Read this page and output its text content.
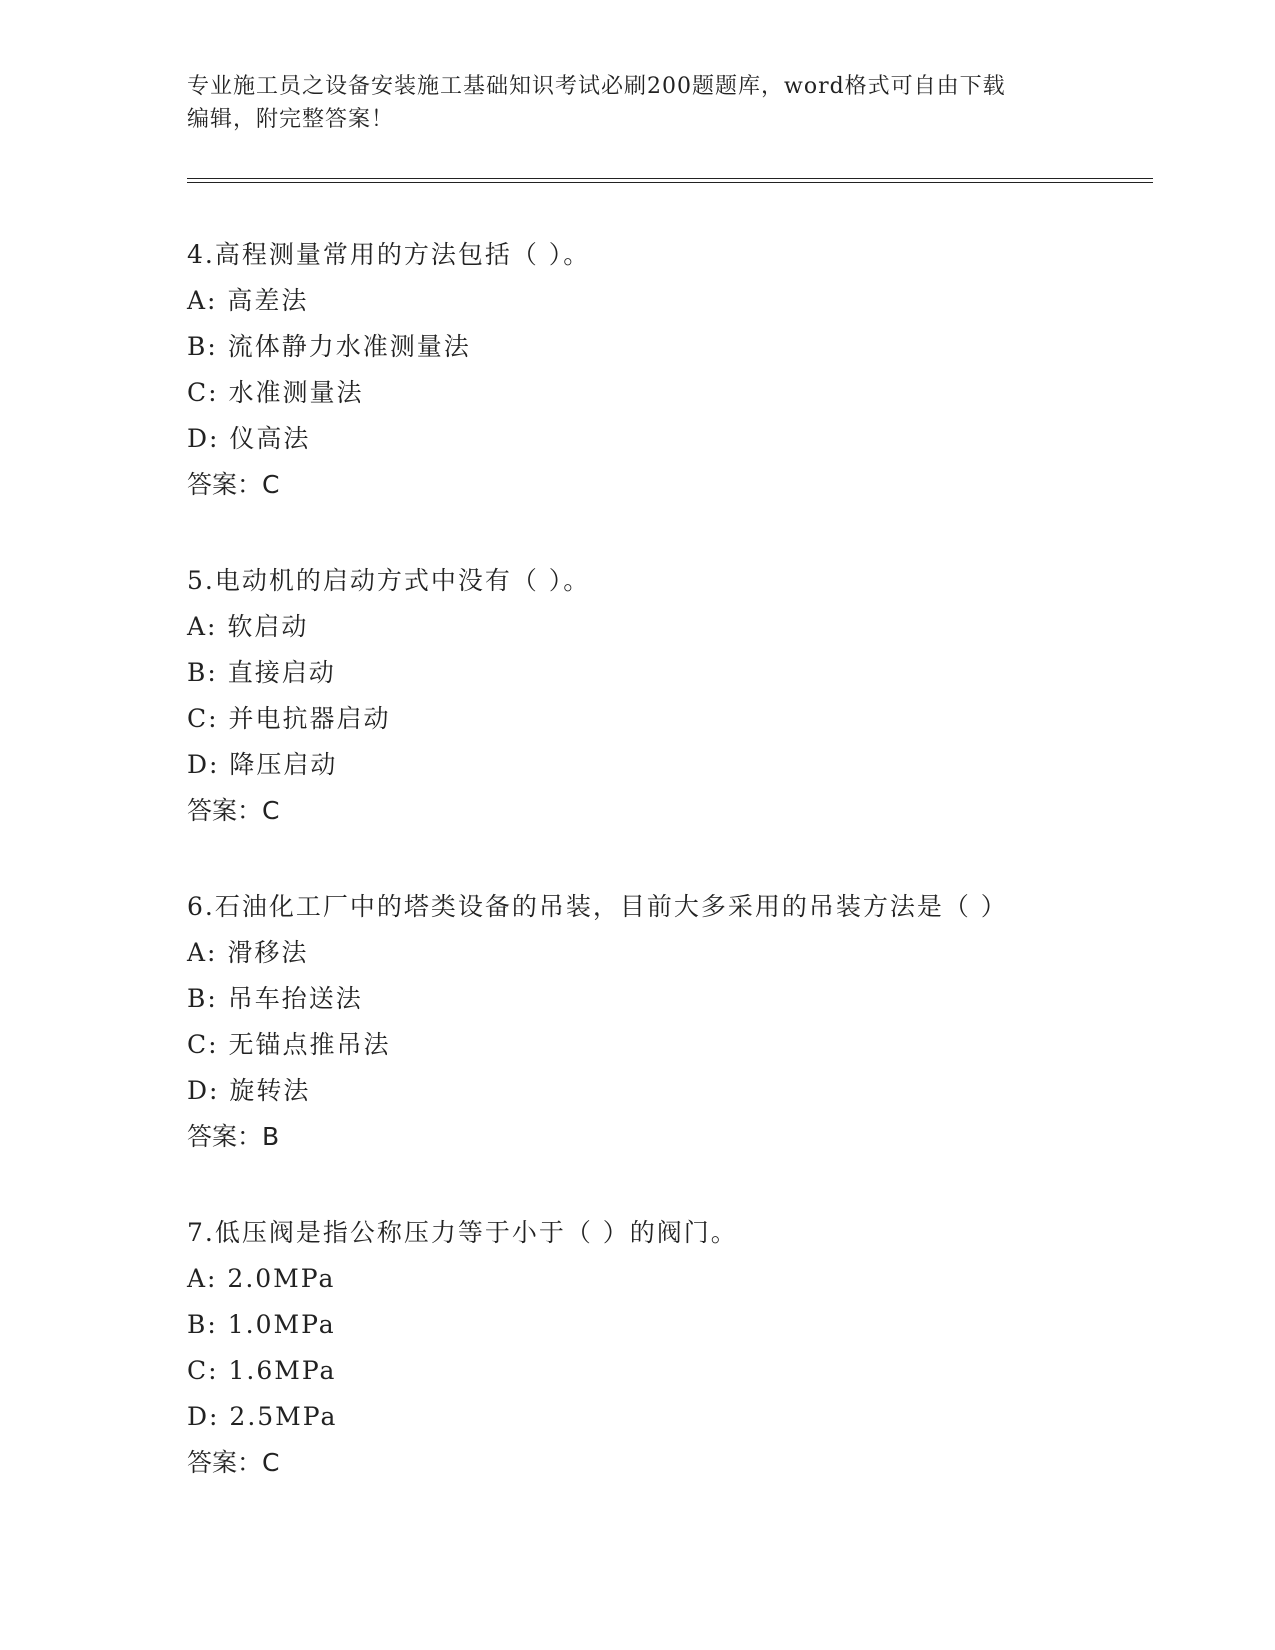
专业施工员之设备安装施工基础知识考试必刷200题题库，word格式可自由下载
编辑，附完整答案！
4.高程测量常用的方法包括（ ）。
A: 高差法
B: 流体静力水准测量法
C: 水准测量法
D: 仪高法
答案：C
5.电动机的启动方式中没有（ ）。
A: 软启动
B: 直接启动
C: 并电抗器启动
D: 降压启动
答案：C
6.石油化工厂中的塔类设备的吊装，目前大多采用的吊装方法是（ ）
A: 滑移法
B: 吊车抬送法
C: 无锚点推吊法
D: 旋转法
答案：B
7.低压阀是指公称压力等于小于（ ）的阀门。
A: 2.0MPa
B: 1.0MPa
C: 1.6MPa
D: 2.5MPa
答案：C
